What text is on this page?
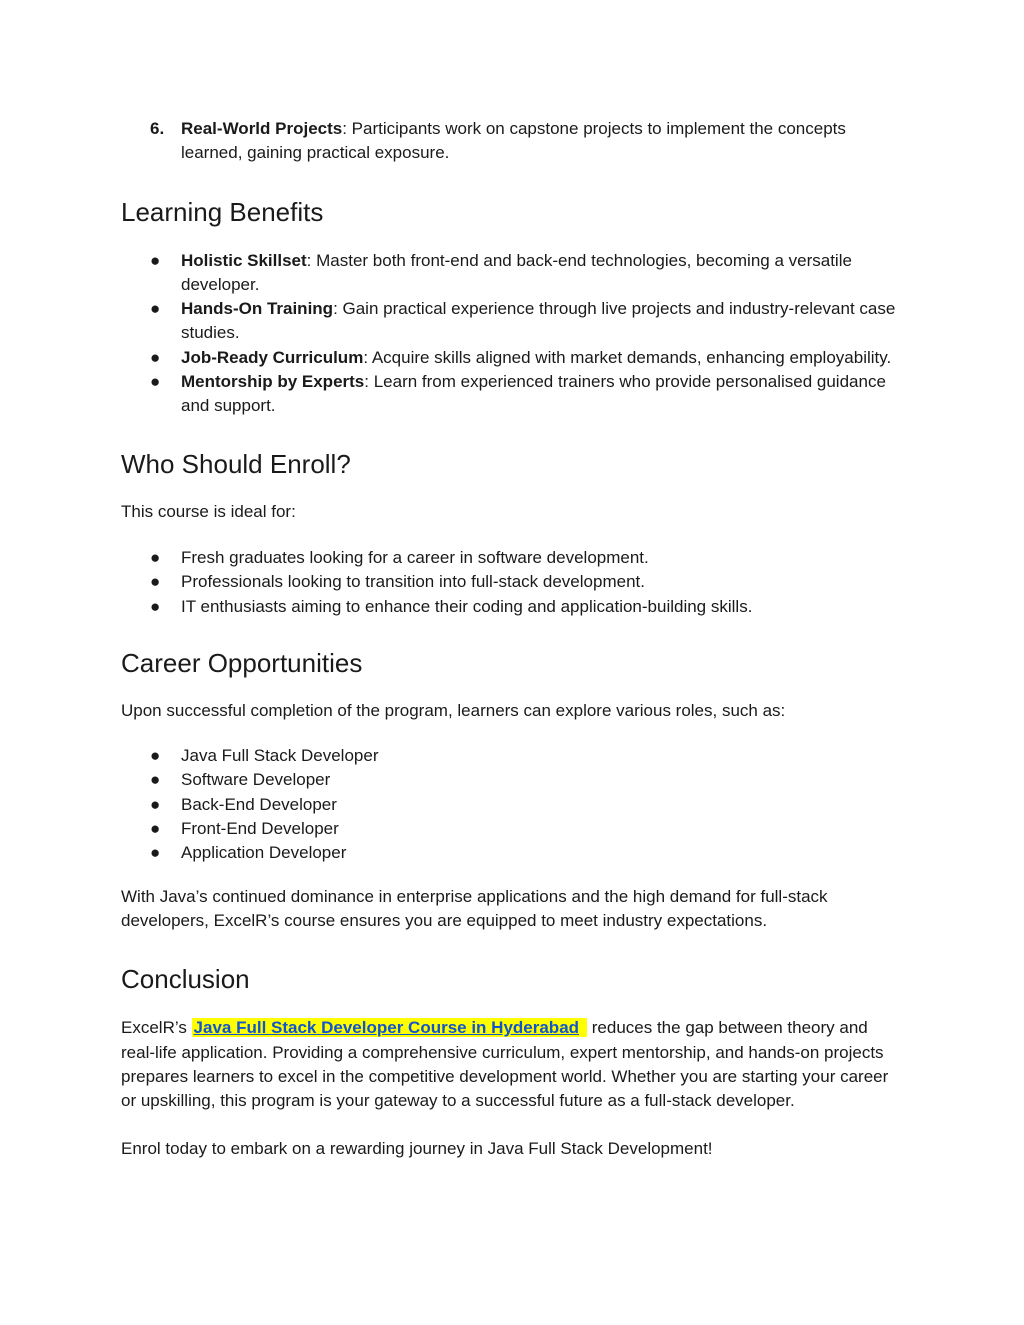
6. Real-World Projects: Participants work on capstone projects to implement the concepts learned, gaining practical exposure.
Learning Benefits
● Holistic Skillset: Master both front-end and back-end technologies, becoming a versatile developer.
● Hands-On Training: Gain practical experience through live projects and industry-relevant case studies.
● Job-Ready Curriculum: Acquire skills aligned with market demands, enhancing employability.
● Mentorship by Experts: Learn from experienced trainers who provide personalised guidance and support.
Who Should Enroll?

This course is ideal for:

● Fresh graduates looking for a career in software development.
● Professionals looking to transition into full-stack development.
● IT enthusiasts aiming to enhance their coding and application-building skills.
Career Opportunities

Upon successful completion of the program, learners can explore various roles, such as:

● Java Full Stack Developer
● Software Developer
● Back-End Developer
● Front-End Developer
● Application Developer

With Java’s continued dominance in enterprise applications and the high demand for full-stack developers, ExcelR’s course ensures you are equipped to meet industry expectations.

Conclusion

ExcelR’s Java Full Stack Developer Course in Hyderabad reduces the gap between theory and real-life application. Providing a comprehensive curriculum, expert mentorship, and hands-on projects prepares learners to excel in the competitive development world. Whether you are starting your career or upskilling, this program is your gateway to a successful future as a full-stack developer.

Enrol today to embark on a rewarding journey in Java Full Stack Development!
